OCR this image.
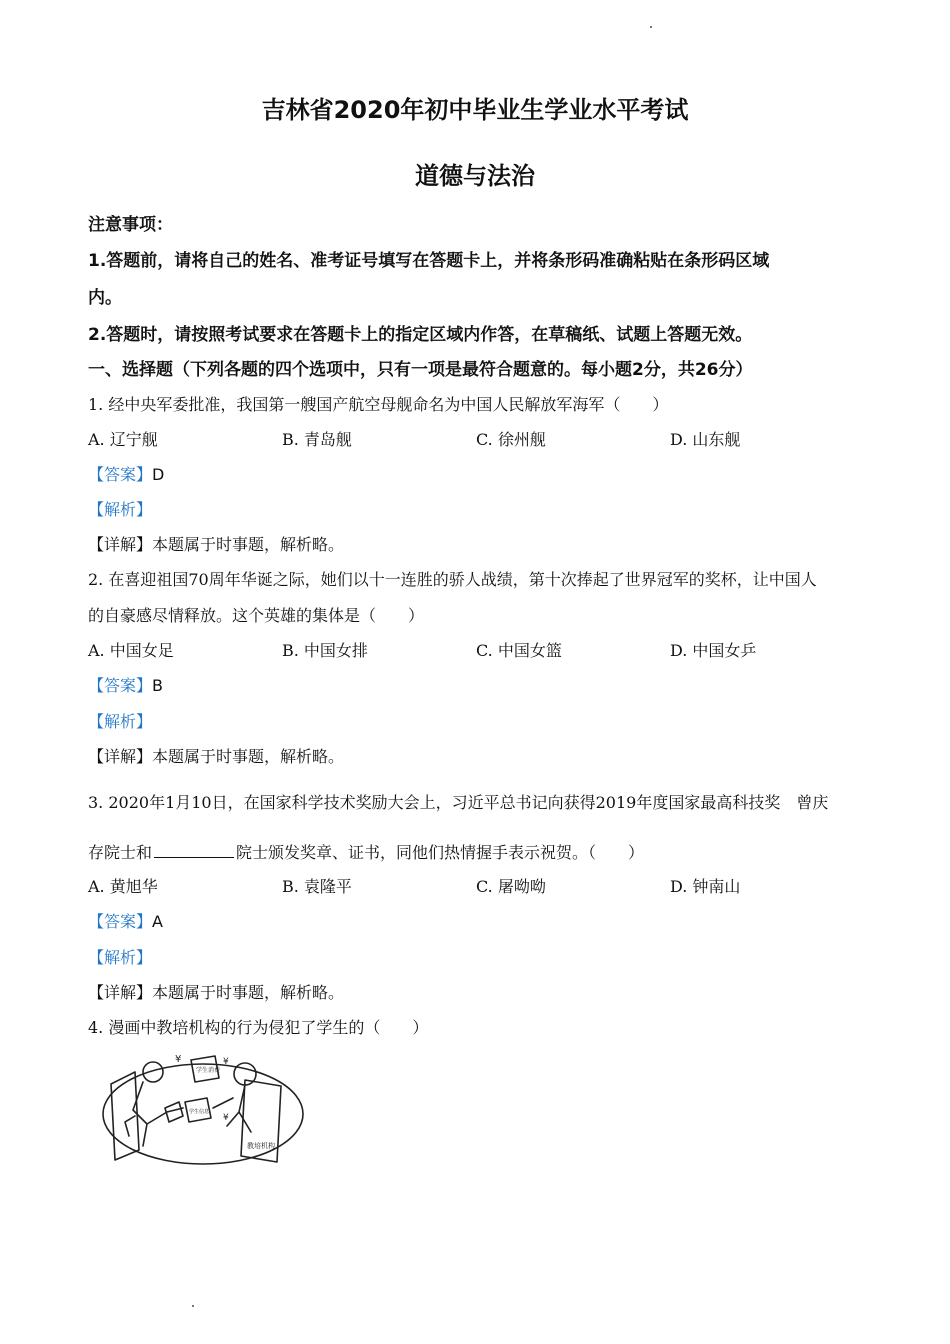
吉林省2020年初中毕业生学业水平考试
道德与法治
注意事项：
1.答题前，请将自己的姓名、准考证号填写在答题卡上，并将条形码准确粘贴在条形码区域
内。
2.答题时，请按照考试要求在答题卡上的指定区域内作答，在草稿纸、试题上答题无效。
一、选择题（下列各题的四个选项中，只有一项是最符合题意的。每小题2分，共26分）
1. 经中央军委批准，我国第一艘国产航空母舰命名为中国人民解放军海军（　　）
A. 辽宁舰	B. 青岛舰	C. 徐州舰	D. 山东舰
【答案】D
【解析】
【详解】本题属于时事题，解析略。
2. 在喜迎祖国70周年华诞之际，她们以十一连胜的骄人战绩，第十次捧起了世界冠军的奖杯，让中国人
的自豪感尽情释放。这个英雄的集体是（　　）
A. 中国女足	B. 中国女排	C. 中国女篮	D. 中国女乒
【答案】B
【解析】
【详解】本题属于时事题，解析略。
3. 2020年1月10日，在国家科学技术奖励大会上，习近平总书记向获得2019年度国家最高科技奖　曾庆
存院士和	院士颁发奖章、证书，同他们热情握手表示祝贺。（　　）
A. 黄旭华	B. 袁隆平	C. 屠呦呦	D. 钟南山
【答案】A
【解析】
【详解】本题属于时事题，解析略。
4. 漫画中教培机构的行为侵犯了学生的（　　）
学生消费
学生信息
教培机构
¥	¥
¥
